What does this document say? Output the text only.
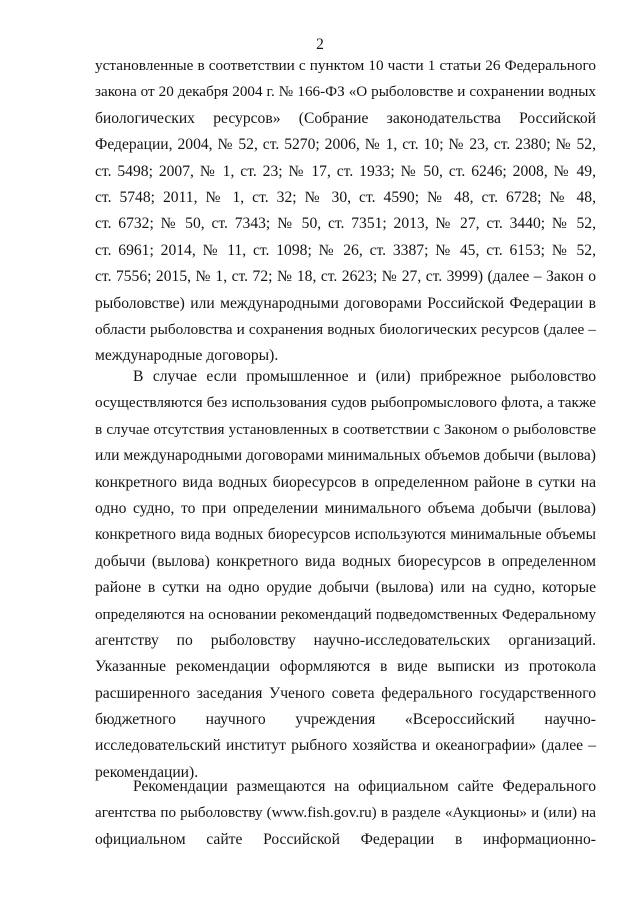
2
установленные в соответствии с пунктом 10 части 1 статьи 26 Федерального
закона от 20 декабря 2004 г. № 166-ФЗ «О рыболовстве и сохранении водных
биологических ресурсов» (Собрание законодательства Российской
Федерации, 2004, № 52, ст. 5270; 2006, № 1, ст. 10; № 23, ст. 2380; № 52,
ст. 5498; 2007, № 1, ст. 23; № 17, ст. 1933; № 50, ст. 6246; 2008, № 49,
ст. 5748; 2011, № 1, ст. 32; № 30, ст. 4590; № 48, ст. 6728; № 48,
ст. 6732; № 50, ст. 7343; № 50, ст. 7351; 2013, № 27, ст. 3440; № 52,
ст. 6961; 2014, № 11, ст. 1098; № 26, ст. 3387; № 45, ст. 6153; № 52,
ст. 7556; 2015, № 1, ст. 72; № 18, ст. 2623; № 27, ст. 3999) (далее – Закон о
рыболовстве) или международными договорами Российской Федерации в
области рыболовства и сохранения водных биологических ресурсов (далее –
международные договоры).
В случае если промышленное и (или) прибрежное рыболовство
осуществляются без использования судов рыбопромыслового флота, а также
в случае отсутствия установленных в соответствии с Законом о рыболовстве
или международными договорами минимальных объемов добычи (вылова)
конкретного вида водных биоресурсов в определенном районе в сутки на
одно судно, то при определении минимального объема добычи (вылова)
конкретного вида водных биоресурсов используются минимальные объемы
добычи (вылова) конкретного вида водных биоресурсов в определенном
районе в сутки на одно орудие добычи (вылова) или на судно, которые
определяются на основании рекомендаций подведомственных Федеральному
агентству по рыболовству научно-исследовательских организаций.
Указанные рекомендации оформляются в виде выписки из протокола
расширенного заседания Ученого совета федерального государственного
бюджетного научного учреждения «Всероссийский научно-
исследовательский институт рыбного хозяйства и океанографии» (далее –
рекомендации).
Рекомендации размещаются на официальном сайте Федерального
агентства по рыболовству (www.fish.gov.ru) в разделе «Аукционы» и (или) на
официальном сайте Российской Федерации в информационно-
